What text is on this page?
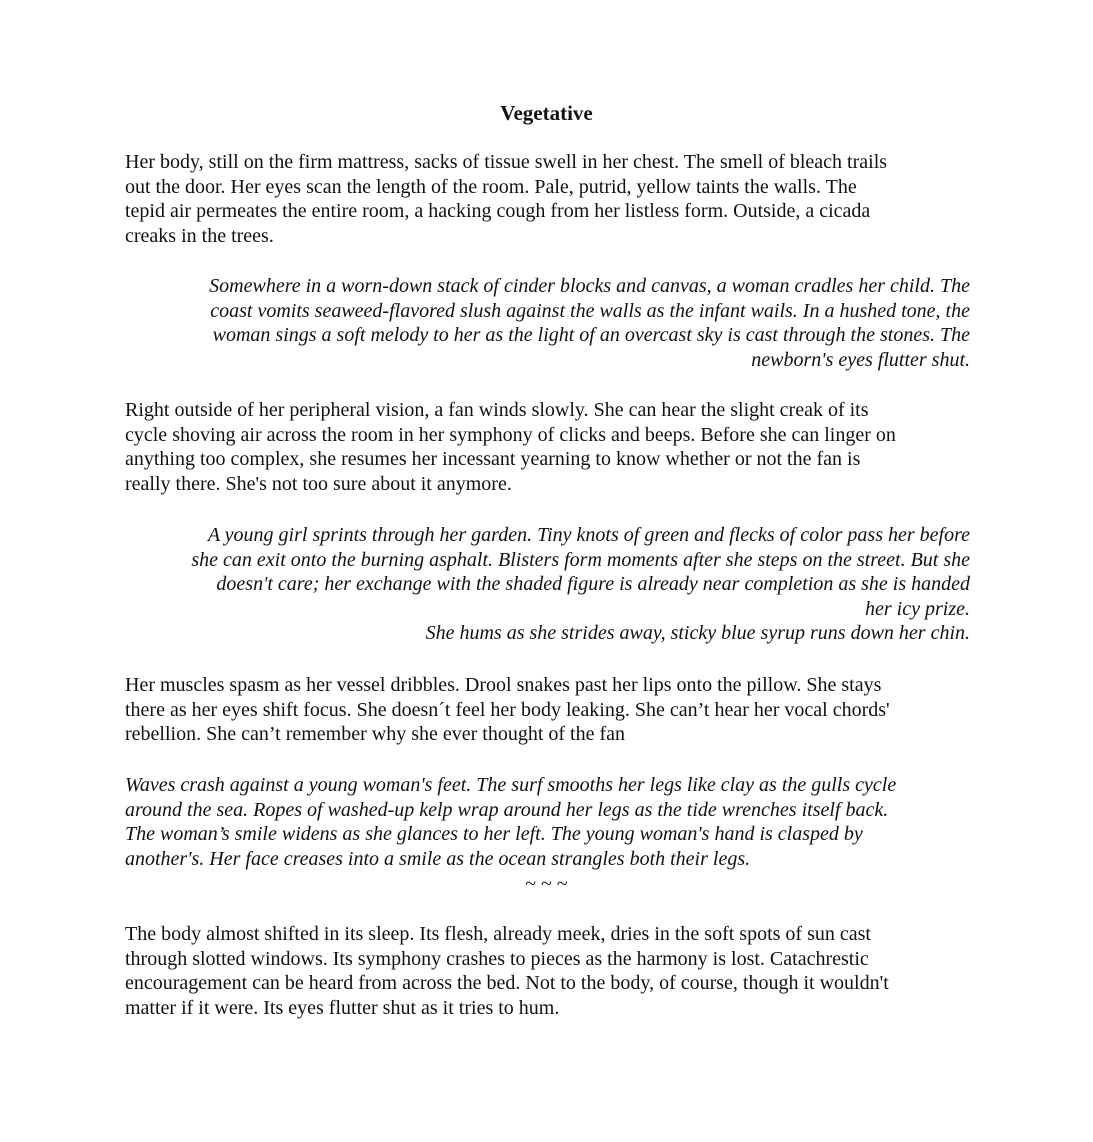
Vegetative
Her body, still on the firm mattress, sacks of tissue swell in her chest. The smell of bleach trails
out the door. Her eyes scan the length of the room. Pale, putrid, yellow taints the walls. The
tepid air permeates the entire room, a hacking cough from her listless form. Outside, a cicada
creaks in the trees.
Somewhere in a worn-down stack of cinder blocks and canvas, a woman cradles her child. The
coast vomits seaweed-flavored slush against the walls as the infant wails. In a hushed tone, the
woman sings a soft melody to her as the light of an overcast sky is cast through the stones. The
newborn's eyes flutter shut.
Right outside of her peripheral vision, a fan winds slowly. She can hear the slight creak of its
cycle shoving air across the room in her symphony of clicks and beeps. Before she can linger on
anything too complex, she resumes her incessant yearning to know whether or not the fan is
really there. She's not too sure about it anymore.
A young girl sprints through her garden. Tiny knots of green and flecks of color pass her before
she can exit onto the burning asphalt. Blisters form moments after she steps on the street. But she
doesn't care; her exchange with the shaded figure is already near completion as she is handed
her icy prize.
She hums as she strides away, sticky blue syrup runs down her chin.
Her muscles spasm as her vessel dribbles. Drool snakes past her lips onto the pillow. She stays
there as her eyes shift focus. She doesn´t feel her body leaking. She can’t hear her vocal chords'
rebellion. She can’t remember why she ever thought of the fan
Waves crash against a young woman's feet. The surf smooths her legs like clay as the gulls cycle
around the sea. Ropes of washed-up kelp wrap around her legs as the tide wrenches itself back.
The woman’s smile widens as she glances to her left. The young woman's hand is clasped by
another's. Her face creases into a smile as the ocean strangles both their legs.
~ ~ ~
The body almost shifted in its sleep. Its flesh, already meek, dries in the soft spots of sun cast
through slotted windows. Its symphony crashes to pieces as the harmony is lost. Catachrestic
encouragement can be heard from across the bed. Not to the body, of course, though it wouldn't
matter if it were. Its eyes flutter shut as it tries to hum.
